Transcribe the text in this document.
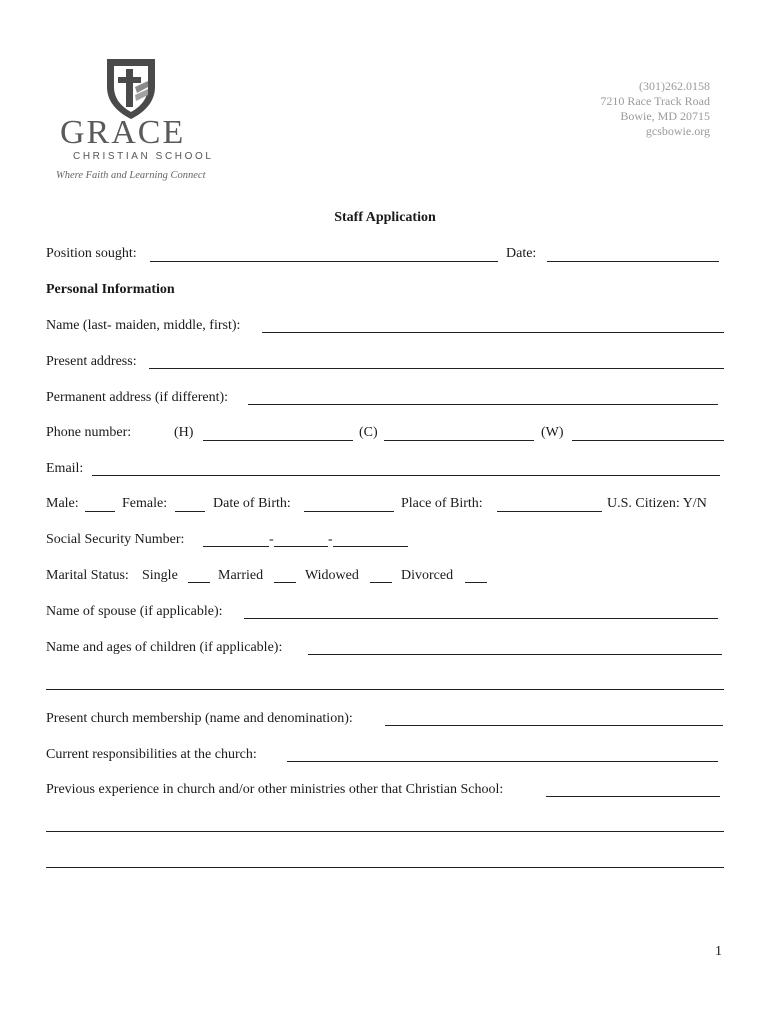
GRACE
CHRISTIAN SCHOOL
Where Faith and Learning Connect
(301)262.0158
7210 Race Track Road
Bowie, MD 20715
gcsbowie.org
Staff Application
Position sought:	Date:
Personal Information
Name (last- maiden, middle, first):
Present address:
Permanent address (if different):
Phone number:	(H)	(C)	(W)
Email:
Male:	Female:	Date of Birth:	Place of Birth:	U.S. Citizen: Y/N
Social Security Number:	-	-
Marital Status: Single	Married	Widowed	Divorced
Name of spouse (if applicable):
Name and ages of children (if applicable):
Present church membership (name and denomination):
Current responsibilities at the church:
Previous experience in church and/or other ministries other that Christian School:
1
